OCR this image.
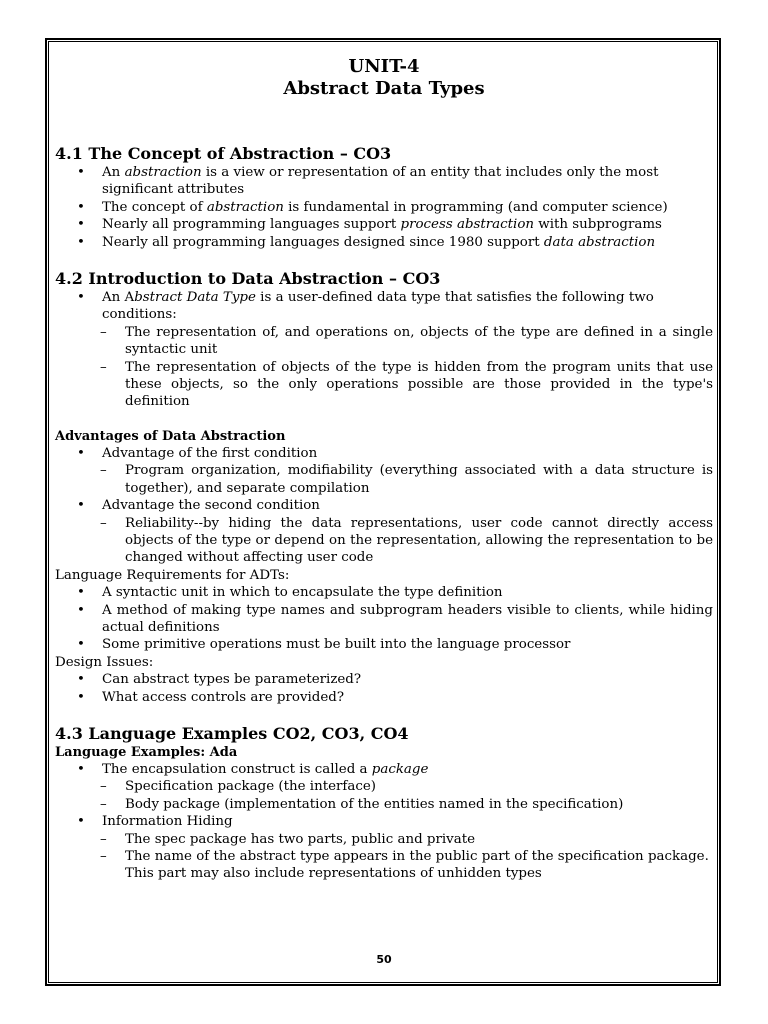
UNIT-4

Abstract Data Types

4.1 The Concept of Abstraction – CO3
• An abstraction is a view or representation of an entity that includes only the most significant attributes
• The concept of abstraction is fundamental in programming (and computer science)
• Nearly all programming languages support process abstraction with subprograms
• Nearly all programming languages designed since 1980 support data abstraction
4.2 Introduction to Data Abstraction – CO3
• An Abstract Data Type is a user-defined data type that satisfies the following two conditions:
– The representation of, and operations on, objects of the type are defined in a single syntactic unit
– The representation of objects of the type is hidden from the program units that use these objects, so the only operations possible are those provided in the type's definition

Advantages of Data Abstraction

• Advantage of the first condition
– Program organization, modifiability (everything associated with a data structure is together), and separate compilation
• Advantage the second condition
– Reliability--by hiding the data representations, user code cannot directly access objects of the type or depend on the representation, allowing the representation to be changed without affecting user code

Language Requirements for ADTs:

• A syntactic unit in which to encapsulate the type definition
• A method of making type names and subprogram headers visible to clients, while hiding actual definitions
• Some primitive operations must be built into the language processor

Design Issues:

• Can abstract types be parameterized?
• What access controls are provided?
4.3 Language Examples CO2, CO3, CO4

Language Examples: Ada

• The encapsulation construct is called a package
– Specification package (the interface)
– Body package (implementation of the entities named in the specification)
• Information Hiding
– The spec package has two parts, public and private
– The name of the abstract type appears in the public part of the specification package. This part may also include representations of unhidden types
50
